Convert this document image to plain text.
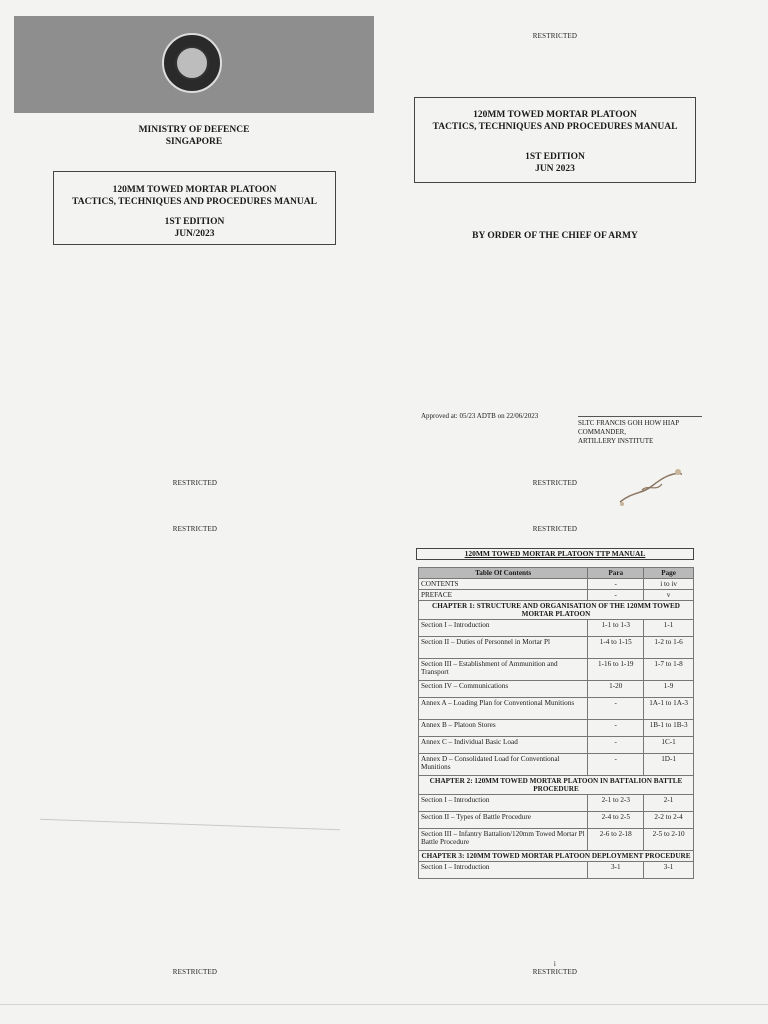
MINISTRY OF DEFENCE
SINGAPORE
120MM TOWED MORTAR PLATOON
TACTICS, TECHNIQUES AND PROCEDURES MANUAL
1ST EDITION
JUN/2023
RESTRICTED
RESTRICTED
120MM TOWED MORTAR PLATOON
TACTICS, TECHNIQUES AND PROCEDURES MANUAL
1ST EDITION
JUN 2023
BY ORDER OF THE CHIEF OF ARMY
Approved at: 05/23 ADTB on 22/06/2023
SLTC FRANCIS GOH HOW HIAP
COMMANDER,
ARTILLERY INSTITUTE
RESTRICTED
RESTRICTED
RESTRICTED
RESTRICTED
120MM TOWED MORTAR PLATOON TTP MANUAL
Table Of Contents	Para	Page
CONTENTS	-	i to iv
PREFACE	-	v
CHAPTER 1: STRUCTURE AND ORGANISATION OF THE 120MM TOWED MORTAR PLATOON		
Section I – Introduction	1-1 to 1-3	1-1
Section II – Duties of Personnel in Mortar Pl	1-4 to 1-15	1-2 to 1-6
Section III – Establishment of Ammunition and Transport	1-16 to 1-19	1-7 to 1-8
Section IV – Communications	1-20	1-9
Annex A – Loading Plan for Conventional Munitions	-	1A-1 to 1A-3
Annex B – Platoon Stores	-	1B-1 to 1B-3
Annex C – Individual Basic Load	-	1C-1
Annex D – Consolidated Load for Conventional Munitions	-	1D-1
CHAPTER 2: 120MM TOWED MORTAR PLATOON IN BATTALION BATTLE PROCEDURE		
Section I – Introduction	2-1 to 2-3	2-1
Section II – Types of Battle Procedure	2-4 to 2-5	2-2 to 2-4
Section III – Infantry Battalion/120mm Towed Mortar Pl Battle Procedure	2-6 to 2-18	2-5 to 2-10
CHAPTER 3: 120MM TOWED MORTAR PLATOON DEPLOYMENT PROCEDURE		
Section I – Introduction	3-1	3-1
i
RESTRICTED
